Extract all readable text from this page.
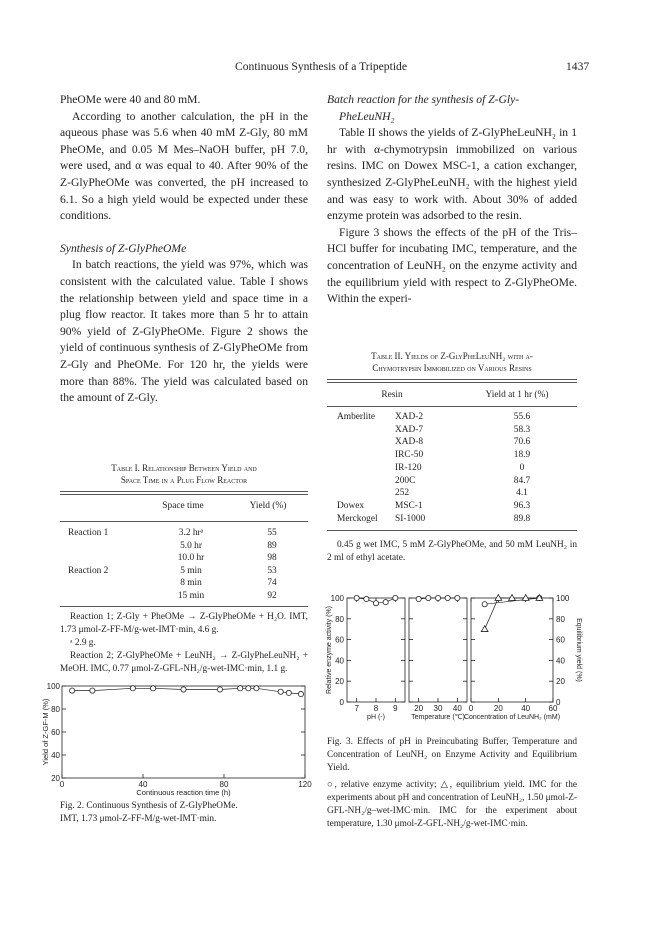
Continuous Synthesis of a Tripeptide	1437

PheOMe were 40 and 80 mM.

According to another calculation, the pH in the aqueous phase was 5.6 when 40 mM Z-Gly, 80 mM PheOMe, and 0.05 M Mes–NaOH buffer, pH 7.0, were used, and α was equal to 40. After 90% of the Z-GlyPheOMe was converted, the pH increased to 6.1. So a high yield would be expected under these conditions.

Synthesis of Z-GlyPheOMe

In batch reactions, the yield was 97%, which was consistent with the calculated value. Table I shows the relationship between yield and space time in a plug flow reactor. It takes more than 5 hr to attain 90% yield of Z-GlyPheOMe. Figure 2 shows the yield of continuous synthesis of Z-GlyPheOMe from Z-Gly and PheOMe. For 120 hr, the yields were more than 88%. The yield was calculated based on the amount of Z-Gly.

Batch reaction for the synthesis of Z-Gly-

PheLeuNH₂

Table II shows the yields of Z-GlyPheLeuNH₂ in 1 hr with α-chymotrypsin immobilized on various resins. IMC on Dowex MSC-1, a cation exchanger, synthesized Z-GlyPheLeuNH₂ with the highest yield and was easy to work with. About 30% of added enzyme protein was adsorbed to the resin.

Figure 3 shows the effects of the pH of the Tris–HCl buffer for incubating IMC, temperature, and the concentration of LeuNH₂ on the enzyme activity and the equilibrium yield with respect to Z-GlyPheOMe. Within the experi-

Table I. Relationship Between Yield and
Space Time in a Plug Flow Reactor
	Space time	Yield (%)
Reaction 1	3.2 hrᵃ	55
	5.0 hr	89
	10.0 hr	98
Reaction 2	5 min	53
	8 min	74
	15 min	92
Reaction 1; Z-Gly + PheOMe → Z-GlyPheOMe + H₂O. IMT, 1.73 μmol-Z-FF-M/g-wet-IMT·min, 4.6 g.
ᵃ 2.9 g.
Reaction 2; Z-GlyPheOMe + LeuNH₂ → Z-GlyPheLeuNH₂ + MeOH. IMC, 0.77 μmol-Z-GFL-NH₂/g-wet-IMC·min, 1.1 g.
100
80
60
40
20
0	40	80	120
Continuous reaction time (h)
Yield of Z-GF-M (%)
Fig. 2. Continuous Synthesis of Z-GlyPheOMe.
IMT, 1.73 μmol-Z-FF-M/g-wet-IMT·min.
Table II. Yields of Z-GlyPheLeuNH₂ with α-
Chymotrypsin Immobilized on Various Resins
Resin	Yield at 1 hr (%)
Amberlite	XAD-2	55.6
	XAD-7	58.3
	XAD-8	70.6
	IRC-50	18.9
	IR-120	0
	200C	84.7
	252	4.1
Dowex	MSC-1	96.3
Merckogel	SI-1000	89.8
0.45 g wet IMC, 5 mM Z-GlyPheOMe, and 50 mM LeuNH₂ in 2 ml of ethyl acetate.
7 8 9
pH (-)
20 30 40
Temperature (℃)
0	20 40 60
Concentration of LeuNH₂ (mM)
100
80
60
40
20
0
Relative enzyme activity (%)
100
80
60
40
20
0
Equilibrium yield (%)
Fig. 3. Effects of pH in Preincubating Buffer, Temperature and Concentration of LeuNH₂ on Enzyme Activity and Equilibrium Yield.
○, relative enzyme activity; △, equilibrium yield. IMC for the experiments about pH and concentration of LeuNH₂, 1.50 μmol-Z-GFL-NH₂/g–wet-IMC·min. IMC for the experiment about temperature, 1.30 μmol-Z-GFL-NH₂/g-wet-IMC·min.
